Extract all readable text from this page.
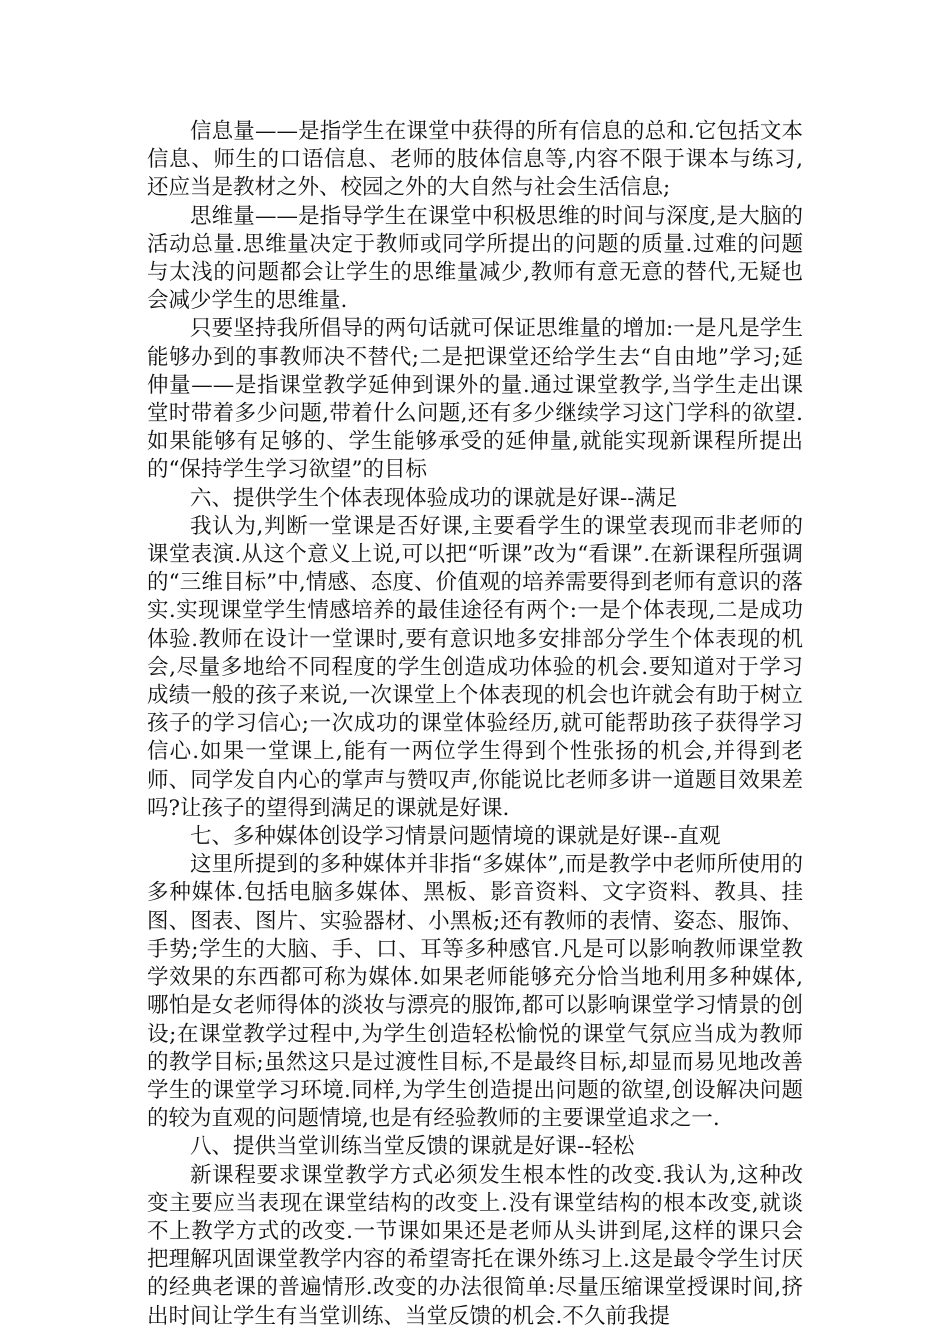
信息量——是指学生在课堂中获得的所有信息的总和.它包括文本信息、师生的口语信息、老师的肢体信息等,内容不限于课本与练习,还应当是教材之外、校园之外的大自然与社会生活信息;

思维量——是指导学生在课堂中积极思维的时间与深度,是大脑的活动总量.思维量决定于教师或同学所提出的问题的质量.过难的问题与太浅的问题都会让学生的思维量减少,教师有意无意的替代,无疑也会减少学生的思维量.

只要坚持我所倡导的两句话就可保证思维量的增加:一是凡是学生能够办到的事教师决不替代;二是把课堂还给学生去“自由地”学习;延伸量——是指课堂教学延伸到课外的量.通过课堂教学,当学生走出课堂时带着多少问题,带着什么问题,还有多少继续学习这门学科的欲望.如果能够有足够的、学生能够承受的延伸量,就能实现新课程所提出的“保持学生学习欲望”的目标

六、提供学生个体表现体验成功的课就是好课--满足

我认为,判断一堂课是否好课,主要看学生的课堂表现而非老师的课堂表演.从这个意义上说,可以把“听课”改为“看课”.在新课程所强调的“三维目标”中,情感、态度、价值观的培养需要得到老师有意识的落实.实现课堂学生情感培养的最佳途径有两个:一是个体表现,二是成功体验.教师在设计一堂课时,要有意识地多安排部分学生个体表现的机会,尽量多地给不同程度的学生创造成功体验的机会.要知道对于学习成绩一般的孩子来说,一次课堂上个体表现的机会也许就会有助于树立孩子的学习信心;一次成功的课堂体验经历,就可能帮助孩子获得学习信心.如果一堂课上,能有一两位学生得到个性张扬的机会,并得到老师、同学发自内心的掌声与赞叹声,你能说比老师多讲一道题目效果差吗?让孩子的望得到满足的课就是好课.

七、多种媒体创设学习情景问题情境的课就是好课--直观

这里所提到的多种媒体并非指“多媒体”,而是教学中老师所使用的多种媒体.包括电脑多媒体、黑板、影音资料、文字资料、教具、挂图、图表、图片、实验器材、小黑板;还有教师的表情、姿态、服饰、手势;学生的大脑、手、口、耳等多种感官.凡是可以影响教师课堂教学效果的东西都可称为媒体.如果老师能够充分恰当地利用多种媒体,哪怕是女老师得体的淡妆与漂亮的服饰,都可以影响课堂学习情景的创设;在课堂教学过程中,为学生创造轻松愉悦的课堂气氛应当成为教师的教学目标;虽然这只是过渡性目标,不是最终目标,却显而易见地改善学生的课堂学习环境.同样,为学生创造提出问题的欲望,创设解决问题的较为直观的问题情境,也是有经验教师的主要课堂追求之一.

八、提供当堂训练当堂反馈的课就是好课--轻松

新课程要求课堂教学方式必须发生根本性的改变.我认为,这种改变主要应当表现在课堂结构的改变上.没有课堂结构的根本改变,就谈不上教学方式的改变.一节课如果还是老师从头讲到尾,这样的课只会把理解巩固课堂教学内容的希望寄托在课外练习上.这是最令学生讨厌的经典老课的普遍情形.改变的办法很简单:尽量压缩课堂授课时间,挤出时间让学生有当堂训练、当堂反馈的机会.不久前我提
